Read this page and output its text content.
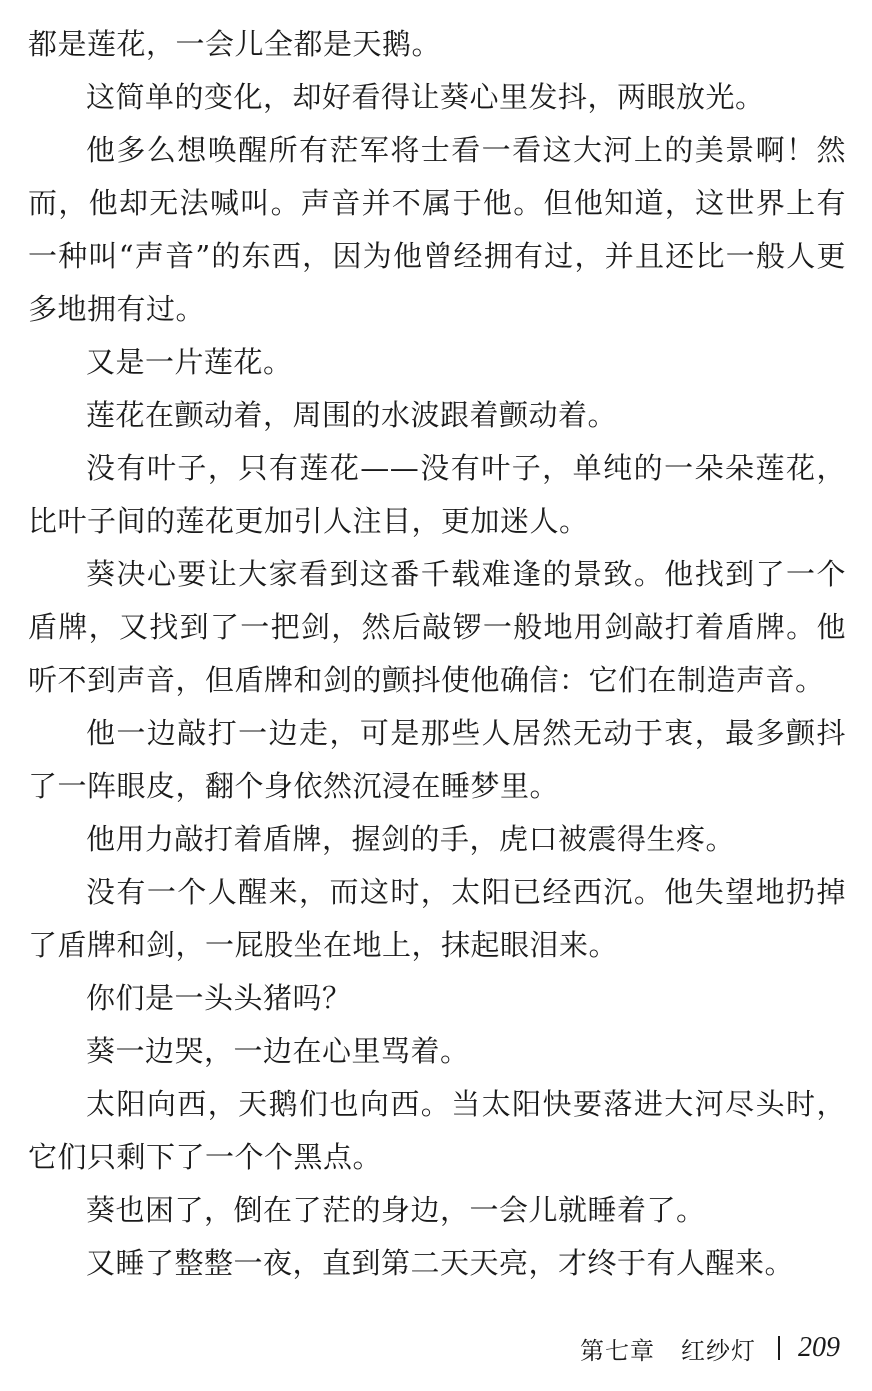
都是莲花，一会儿全都是天鹅。

这简单的变化，却好看得让葵心里发抖，两眼放光。

他多么想唤醒所有茫军将士看一看这大河上的美景啊！然而，他却无法喊叫。声音并不属于他。但他知道，这世界上有一种叫“声音”的东西，因为他曾经拥有过，并且还比一般人更多地拥有过。

又是一片莲花。

莲花在颤动着，周围的水波跟着颤动着。

没有叶子，只有莲花——没有叶子，单纯的一朵朵莲花，比叶子间的莲花更加引人注目，更加迷人。

葵决心要让大家看到这番千载难逢的景致。他找到了一个盾牌，又找到了一把剑，然后敲锣一般地用剑敲打着盾牌。他听不到声音，但盾牌和剑的颤抖使他确信：它们在制造声音。

他一边敲打一边走，可是那些人居然无动于衷，最多颤抖了一阵眼皮，翻个身依然沉浸在睡梦里。

他用力敲打着盾牌，握剑的手，虎口被震得生疼。

没有一个人醒来，而这时，太阳已经西沉。他失望地扔掉了盾牌和剑，一屁股坐在地上，抹起眼泪来。

你们是一头头猪吗？

葵一边哭，一边在心里骂着。

太阳向西，天鹅们也向西。当太阳快要落进大河尽头时，它们只剩下了一个个黑点。

葵也困了，倒在了茫的身边，一会儿就睡着了。

又睡了整整一夜，直到第二天天亮，才终于有人醒来。

第七章 红纱灯 209
